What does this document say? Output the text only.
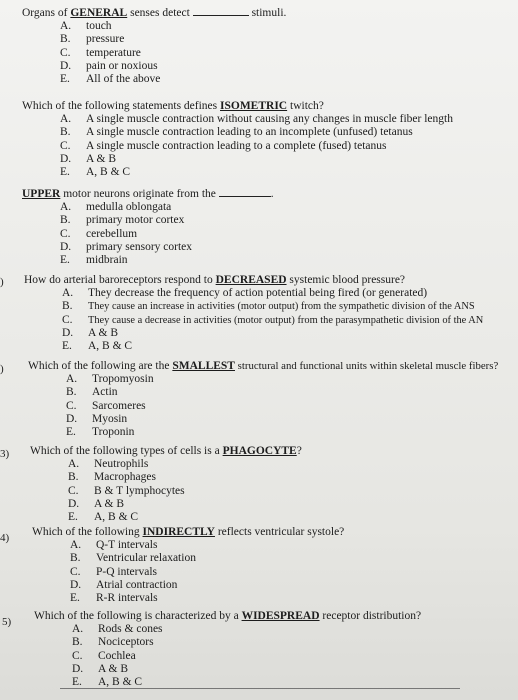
Organs of GENERAL senses detect	stimuli.
A. touch
B. pressure
C. temperature
D. pain or noxious
E. All of the above
Which of the following statements defines ISOMETRIC twitch?
A. A single muscle contraction without causing any changes in muscle fiber length
B. A single muscle contraction leading to an incomplete (unfused) tetanus
C. A single muscle contraction leading to a complete (fused) tetanus
D. A & B
E. A, B & C
UPPER motor neurons originate from the	.
A. medulla oblongata
B. primary motor cortex
C. cerebellum
D. primary sensory cortex
E. midbrain
) How do arterial baroreceptors respond to DECREASED systemic blood pressure?
A. They decrease the frequency of action potential being fired (or generated)
B. They cause an increase in activities (motor output) from the sympathetic division of the ANS
C. They cause a decrease in activities (motor output) from the parasympathetic division of the AN
D. A & B
E. A, B & C
) Which of the following are the SMALLEST structural and functional units within skeletal muscle fibers?
A. Tropomyosin
B. Actin
C. Sarcomeres
D. Myosin
E. Troponin
3) Which of the following types of cells is a PHAGOCYTE?
A. Neutrophils
B. Macrophages
C. B & T lymphocytes
D. A & B
E. A, B & C
4) Which of the following INDIRECTLY reflects ventricular systole?
A. Q-T intervals
B. Ventricular relaxation
C. P-Q intervals
D. Atrial contraction
E. R-R intervals
5) Which of the following is characterized by a WIDESPREAD receptor distribution?
A. Rods & cones
B. Nociceptors
C. Cochlea
D. A & B
E. A, B & C
